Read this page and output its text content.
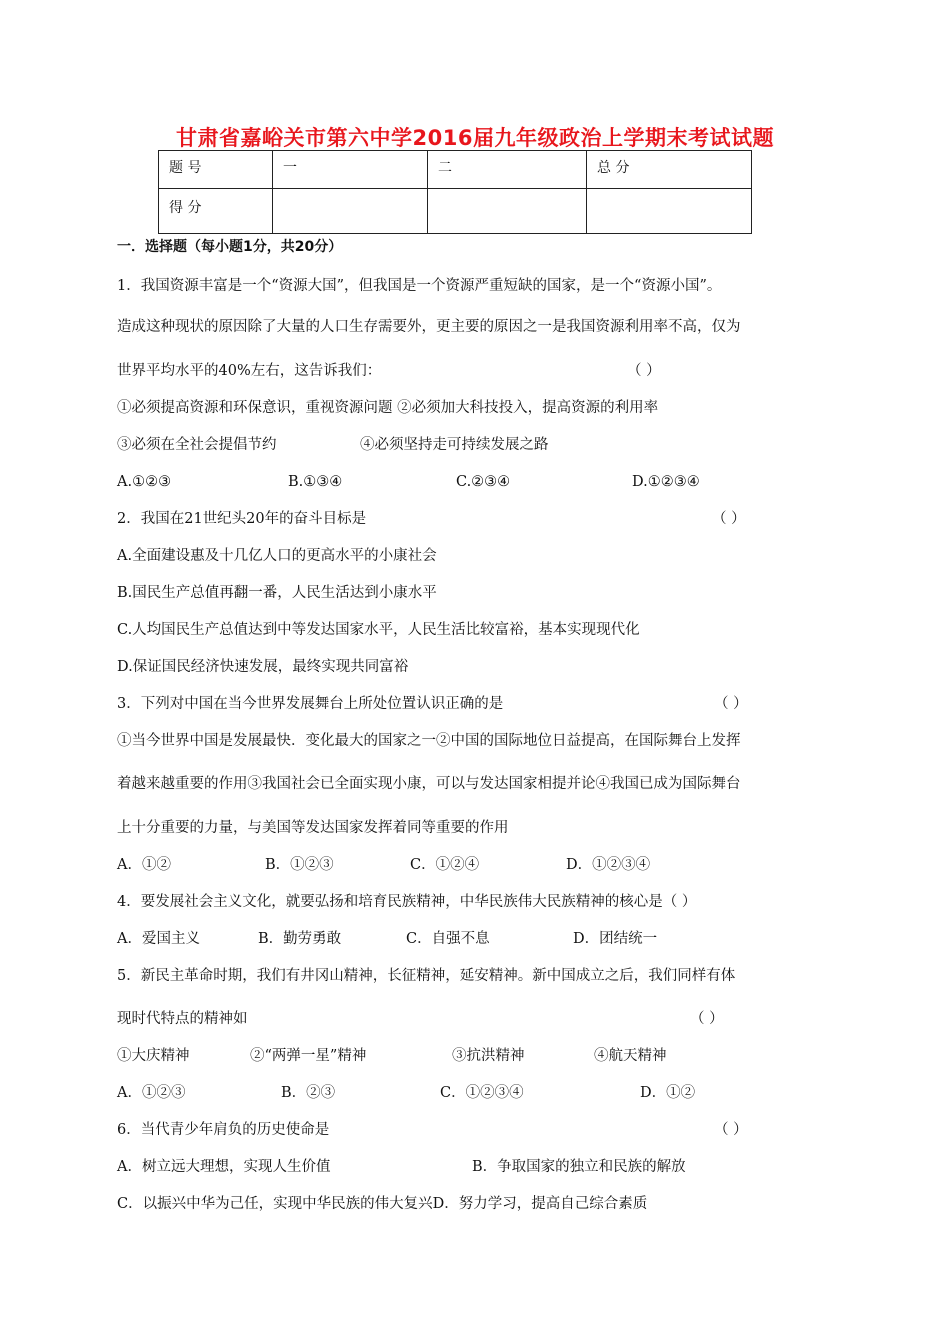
甘肃省嘉峪关市第六中学2016届九年级政治上学期末考试试题
题 号	一	二	总 分
得 分			
一．选择题（每小题1分，共20分）
1．我国资源丰富是一个“资源大国”，但我国是一个资源严重短缺的国家，是一个“资源小国”。
造成这种现状的原因除了大量的人口生存需要外，更主要的原因之一是我国资源利用率不高，仅为
世界平均水平的40%左右，这告诉我们：	（ ）
①必须提高资源和环保意识，重视资源问题 ②必须加大科技投入，提高资源的利用率
③必须在全社会提倡节约	④必须坚持走可持续发展之路
A.①②③	B.①③④	C.②③④	D.①②③④
2．我国在21世纪头20年的奋斗目标是	（ ）
A.全面建设惠及十几亿人口的更高水平的小康社会
B.国民生产总值再翻一番，人民生活达到小康水平
C.人均国民生产总值达到中等发达国家水平，人民生活比较富裕，基本实现现代化
D.保证国民经济快速发展，最终实现共同富裕
3．下列对中国在当今世界发展舞台上所处位置认识正确的是	（ ）
①当今世界中国是发展最快．变化最大的国家之一②中国的国际地位日益提高，在国际舞台上发挥
着越来越重要的作用③我国社会已全面实现小康，可以与发达国家相提并论④我国已成为国际舞台
上十分重要的力量，与美国等发达国家发挥着同等重要的作用
A．①②	B．①②③	C．①②④	D．①②③④
4．要发展社会主义文化，就要弘扬和培育民族精神，中华民族伟大民族精神的核心是（ ）
A．爱国主义	B．勤劳勇敢	C．自强不息	D．团结统一
5．新民主革命时期，我们有井冈山精神，长征精神，延安精神。新中国成立之后，我们同样有体
现时代特点的精神如	（ ）
①大庆精神	②“两弹一星”精神	③抗洪精神	④航天精神
A．①②③	B．②③	C．①②③④	D．①②
6．当代青少年肩负的历史使命是	（ ）
A．树立远大理想，实现人生价值	B．争取国家的独立和民族的解放
C．以振兴中华为己任，实现中华民族的伟大复兴D．努力学习，提高自己综合素质
